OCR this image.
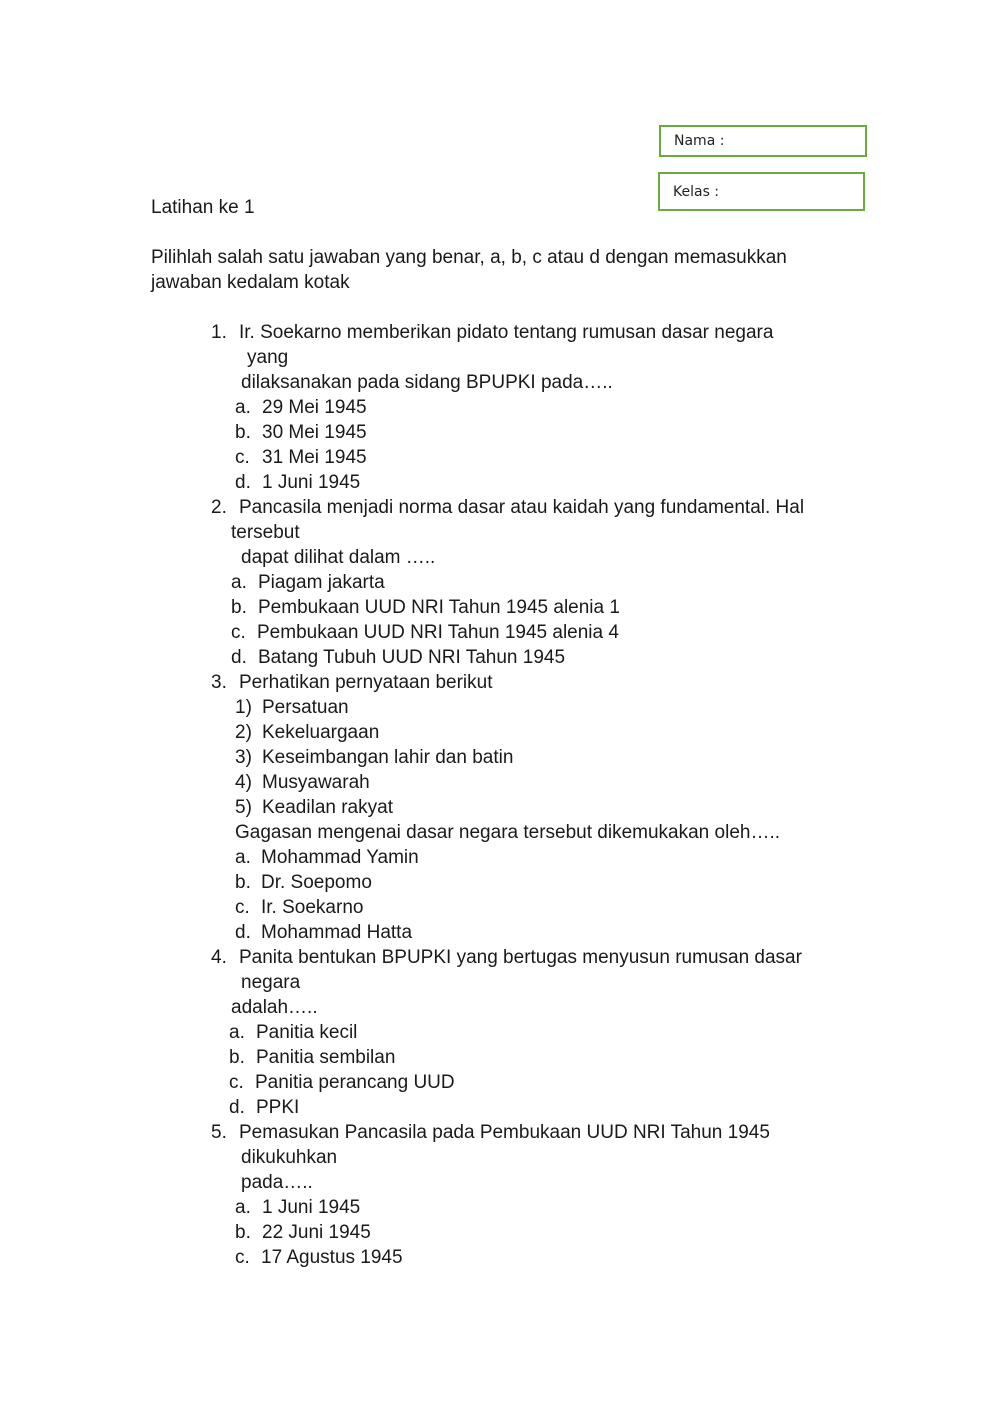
Nama :
Kelas :
Latihan ke 1
Pilihlah salah satu jawaban yang benar, a, b, c atau d dengan memasukkan
jawaban kedalam kotak
1. Ir. Soekarno memberikan pidato tentang rumusan dasar negara
yang
dilaksanakan pada sidang BPUPKI pada…..
a. 29 Mei 1945
b. 30 Mei 1945
c. 31 Mei 1945
d. 1 Juni 1945
2. Pancasila menjadi norma dasar atau kaidah yang fundamental. Hal
tersebut
dapat dilihat dalam …..
a. Piagam jakarta
b. Pembukaan UUD NRI Tahun 1945 alenia 1
c. Pembukaan UUD NRI Tahun 1945 alenia 4
d. Batang Tubuh UUD NRI Tahun 1945
3. Perhatikan pernyataan berikut
1) Persatuan
2) Kekeluargaan
3) Keseimbangan lahir dan batin
4) Musyawarah
5) Keadilan rakyat
Gagasan mengenai dasar negara tersebut dikemukakan oleh…..
a. Mohammad Yamin
b. Dr. Soepomo
c. Ir. Soekarno
d. Mohammad Hatta
4. Panita bentukan BPUPKI yang bertugas menyusun rumusan dasar
negara
adalah…..
a. Panitia kecil
b. Panitia sembilan
c. Panitia perancang UUD
d. PPKI
5. Pemasukan Pancasila pada Pembukaan UUD NRI Tahun 1945
dikukuhkan
pada…..
a. 1 Juni 1945
b. 22 Juni 1945
c. 17 Agustus 1945
